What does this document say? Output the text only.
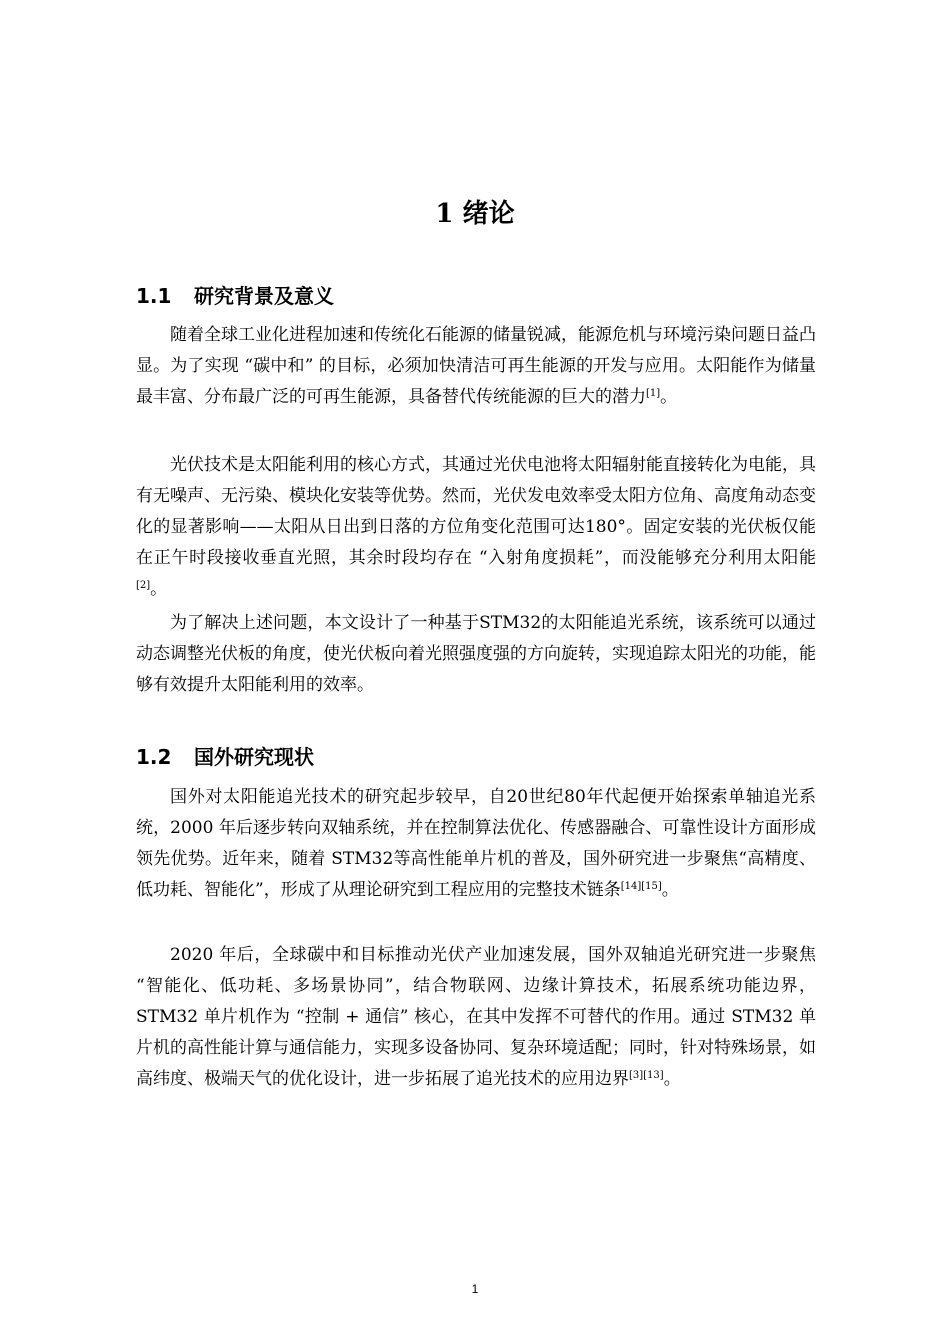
1 绪论
1.1 研究背景及意义

随着全球工业化进程加速和传统化石能源的储量锐减，能源危机与环境污染问题日益凸显。为了实现 “碳中和” 的目标，必须加快清洁可再生能源的开发与应用。太阳能作为储量最丰富、分布最广泛的可再生能源，具备替代传统能源的巨大的潜力[1]。

光伏技术是太阳能利用的核心方式，其通过光伏电池将太阳辐射能直接转化为电能，具有无噪声、无污染、模块化安装等优势。然而，光伏发电效率受太阳方位角、高度角动态变化的显著影响——太阳从日出到日落的方位角变化范围可达180°。固定安装的光伏板仅能在正午时段接收垂直光照，其余时段均存在 “入射角度损耗”，而没能够充分利用太阳能[2]。

为了解决上述问题，本文设计了一种基于STM32的太阳能追光系统，该系统可以通过动态调整光伏板的角度，使光伏板向着光照强度强的方向旋转，实现追踪太阳光的功能，能够有效提升太阳能利用的效率。

1.2 国外研究现状

国外对太阳能追光技术的研究起步较早，自20世纪80年代起便开始探索单轴追光系统，2000 年后逐步转向双轴系统，并在控制算法优化、传感器融合、可靠性设计方面形成领先优势。近年来，随着 STM32等高性能单片机的普及，国外研究进一步聚焦“高精度、低功耗、智能化”，形成了从理论研究到工程应用的完整技术链条[14][15]。

2020 年后，全球碳中和目标推动光伏产业加速发展，国外双轴追光研究进一步聚焦 “智能化、低功耗、多场景协同”，结合物联网、边缘计算技术，拓展系统功能边界，STM32 单片机作为 “控制 + 通信” 核心，在其中发挥不可替代的作用。通过 STM32 单片机的高性能计算与通信能力，实现多设备协同、复杂环境适配；同时，针对特殊场景，如高纬度、极端天气的优化设计，进一步拓展了追光技术的应用边界[3][13]。

1
